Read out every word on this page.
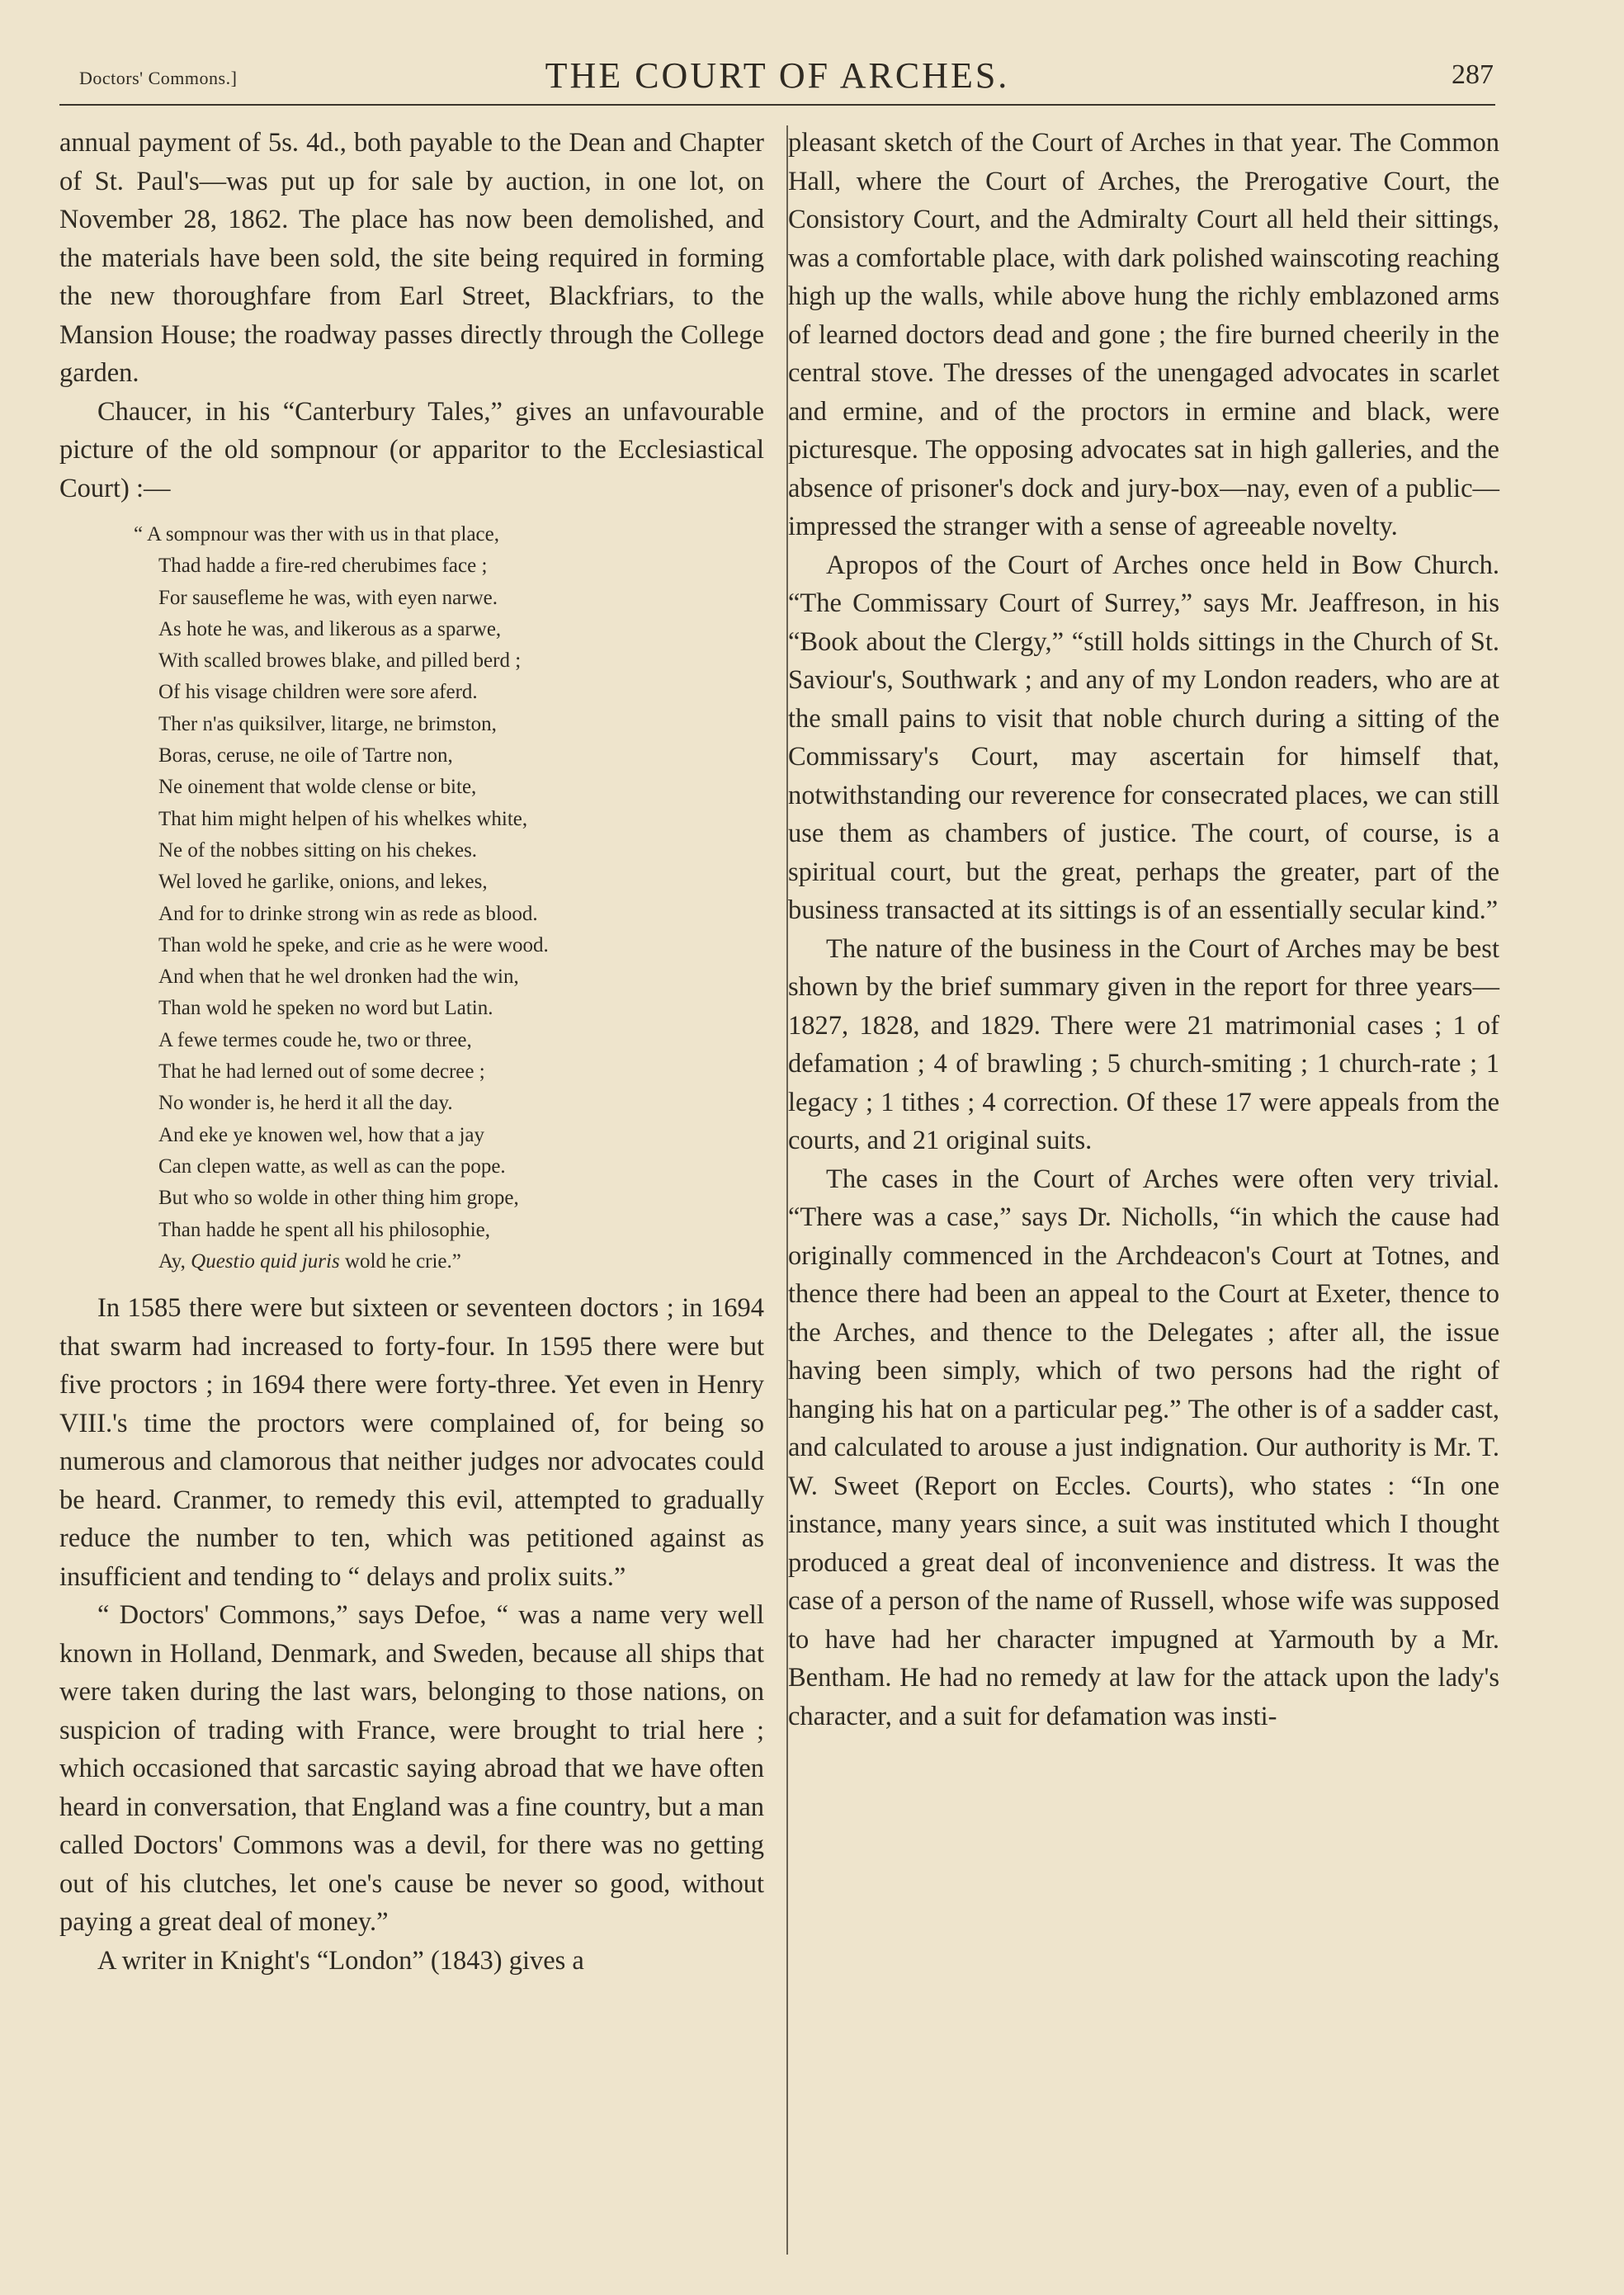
Doctors' Commons.]	THE COURT OF ARCHES.	287

annual payment of 5s. 4d., both payable to the Dean and Chapter of St. Paul's—was put up for sale by auction, in one lot, on November 28, 1862. The place has now been demolished, and the materials have been sold, the site being required in forming the new thoroughfare from Earl Street, Blackfriars, to the Mansion House; the roadway passes directly through the College garden.

Chaucer, in his “Canterbury Tales,” gives an unfavourable picture of the old sompnour (or apparitor to the Ecclesiastical Court) :—

“ A sompnour was ther with us in that place,
Thad hadde a fire-red cherubimes face ;
For sausefleme he was, with eyen narwe.
As hote he was, and likerous as a sparwe,
With scalled browes blake, and pilled berd ;
Of his visage children were sore aferd.
Ther n'as quiksilver, litarge, ne brimston,
Boras, ceruse, ne oile of Tartre non,
Ne oinement that wolde clense or bite,
That him might helpen of his whelkes white,
Ne of the nobbes sitting on his chekes.
Wel loved he garlike, onions, and lekes,
And for to drinke strong win as rede as blood.
Than wold he speke, and crie as he were wood.
And when that he wel dronken had the win,
Than wold he speken no word but Latin.
A fewe termes coude he, two or three,
That he had lerned out of some decree ;
No wonder is, he herd it all the day.
And eke ye knowen wel, how that a jay
Can clepen watte, as well as can the pope.
But who so wolde in other thing him grope,
Than hadde he spent all his philosophie,
Ay, Questio quid juris wold he crie.”

In 1585 there were but sixteen or seventeen doctors ; in 1694 that swarm had increased to forty-four. In 1595 there were but five proctors ; in 1694 there were forty-three. Yet even in Henry VIII.'s time the proctors were complained of, for being so numerous and clamorous that neither judges nor advocates could be heard. Cranmer, to remedy this evil, attempted to gradually reduce the number to ten, which was petitioned against as insufficient and tending to “ delays and prolix suits.”

“ Doctors' Commons,” says Defoe, “ was a name very well known in Holland, Denmark, and Sweden, because all ships that were taken during the last wars, belonging to those nations, on suspicion of trading with France, were brought to trial here ; which occasioned that sarcastic saying abroad that we have often heard in conversation, that England was a fine country, but a man called Doctors' Commons was a devil, for there was no getting out of his clutches, let one's cause be never so good, without paying a great deal of money.”

A writer in Knight's “London” (1843) gives a

pleasant sketch of the Court of Arches in that year. The Common Hall, where the Court of Arches, the Prerogative Court, the Consistory Court, and the Admiralty Court all held their sittings, was a comfortable place, with dark polished wainscoting reaching high up the walls, while above hung the richly emblazoned arms of learned doctors dead and gone ; the fire burned cheerily in the central stove. The dresses of the unengaged advocates in scarlet and ermine, and of the proctors in ermine and black, were picturesque. The opposing advocates sat in high galleries, and the absence of prisoner's dock and jury-box—nay, even of a public—impressed the stranger with a sense of agreeable novelty.

Apropos of the Court of Arches once held in Bow Church. “The Commissary Court of Surrey,” says Mr. Jeaffreson, in his “Book about the Clergy,” “still holds sittings in the Church of St. Saviour's, Southwark ; and any of my London readers, who are at the small pains to visit that noble church during a sitting of the Commissary's Court, may ascertain for himself that, notwithstanding our reverence for consecrated places, we can still use them as chambers of justice. The court, of course, is a spiritual court, but the great, perhaps the greater, part of the business transacted at its sittings is of an essentially secular kind.”

The nature of the business in the Court of Arches may be best shown by the brief summary given in the report for three years—1827, 1828, and 1829. There were 21 matrimonial cases ; 1 of defamation ; 4 of brawling ; 5 church-smiting ; 1 church-rate ; 1 legacy ; 1 tithes ; 4 correction. Of these 17 were appeals from the courts, and 21 original suits.

The cases in the Court of Arches were often very trivial. “There was a case,” says Dr. Nicholls, “in which the cause had originally commenced in the Archdeacon's Court at Totnes, and thence there had been an appeal to the Court at Exeter, thence to the Arches, and thence to the Delegates ; after all, the issue having been simply, which of two persons had the right of hanging his hat on a particular peg.” The other is of a sadder cast, and calculated to arouse a just indignation. Our authority is Mr. T. W. Sweet (Report on Eccles. Courts), who states : “In one instance, many years since, a suit was instituted which I thought produced a great deal of inconvenience and distress. It was the case of a person of the name of Russell, whose wife was supposed to have had her character impugned at Yarmouth by a Mr. Bentham. He had no remedy at law for the attack upon the lady's character, and a suit for defamation was insti-
